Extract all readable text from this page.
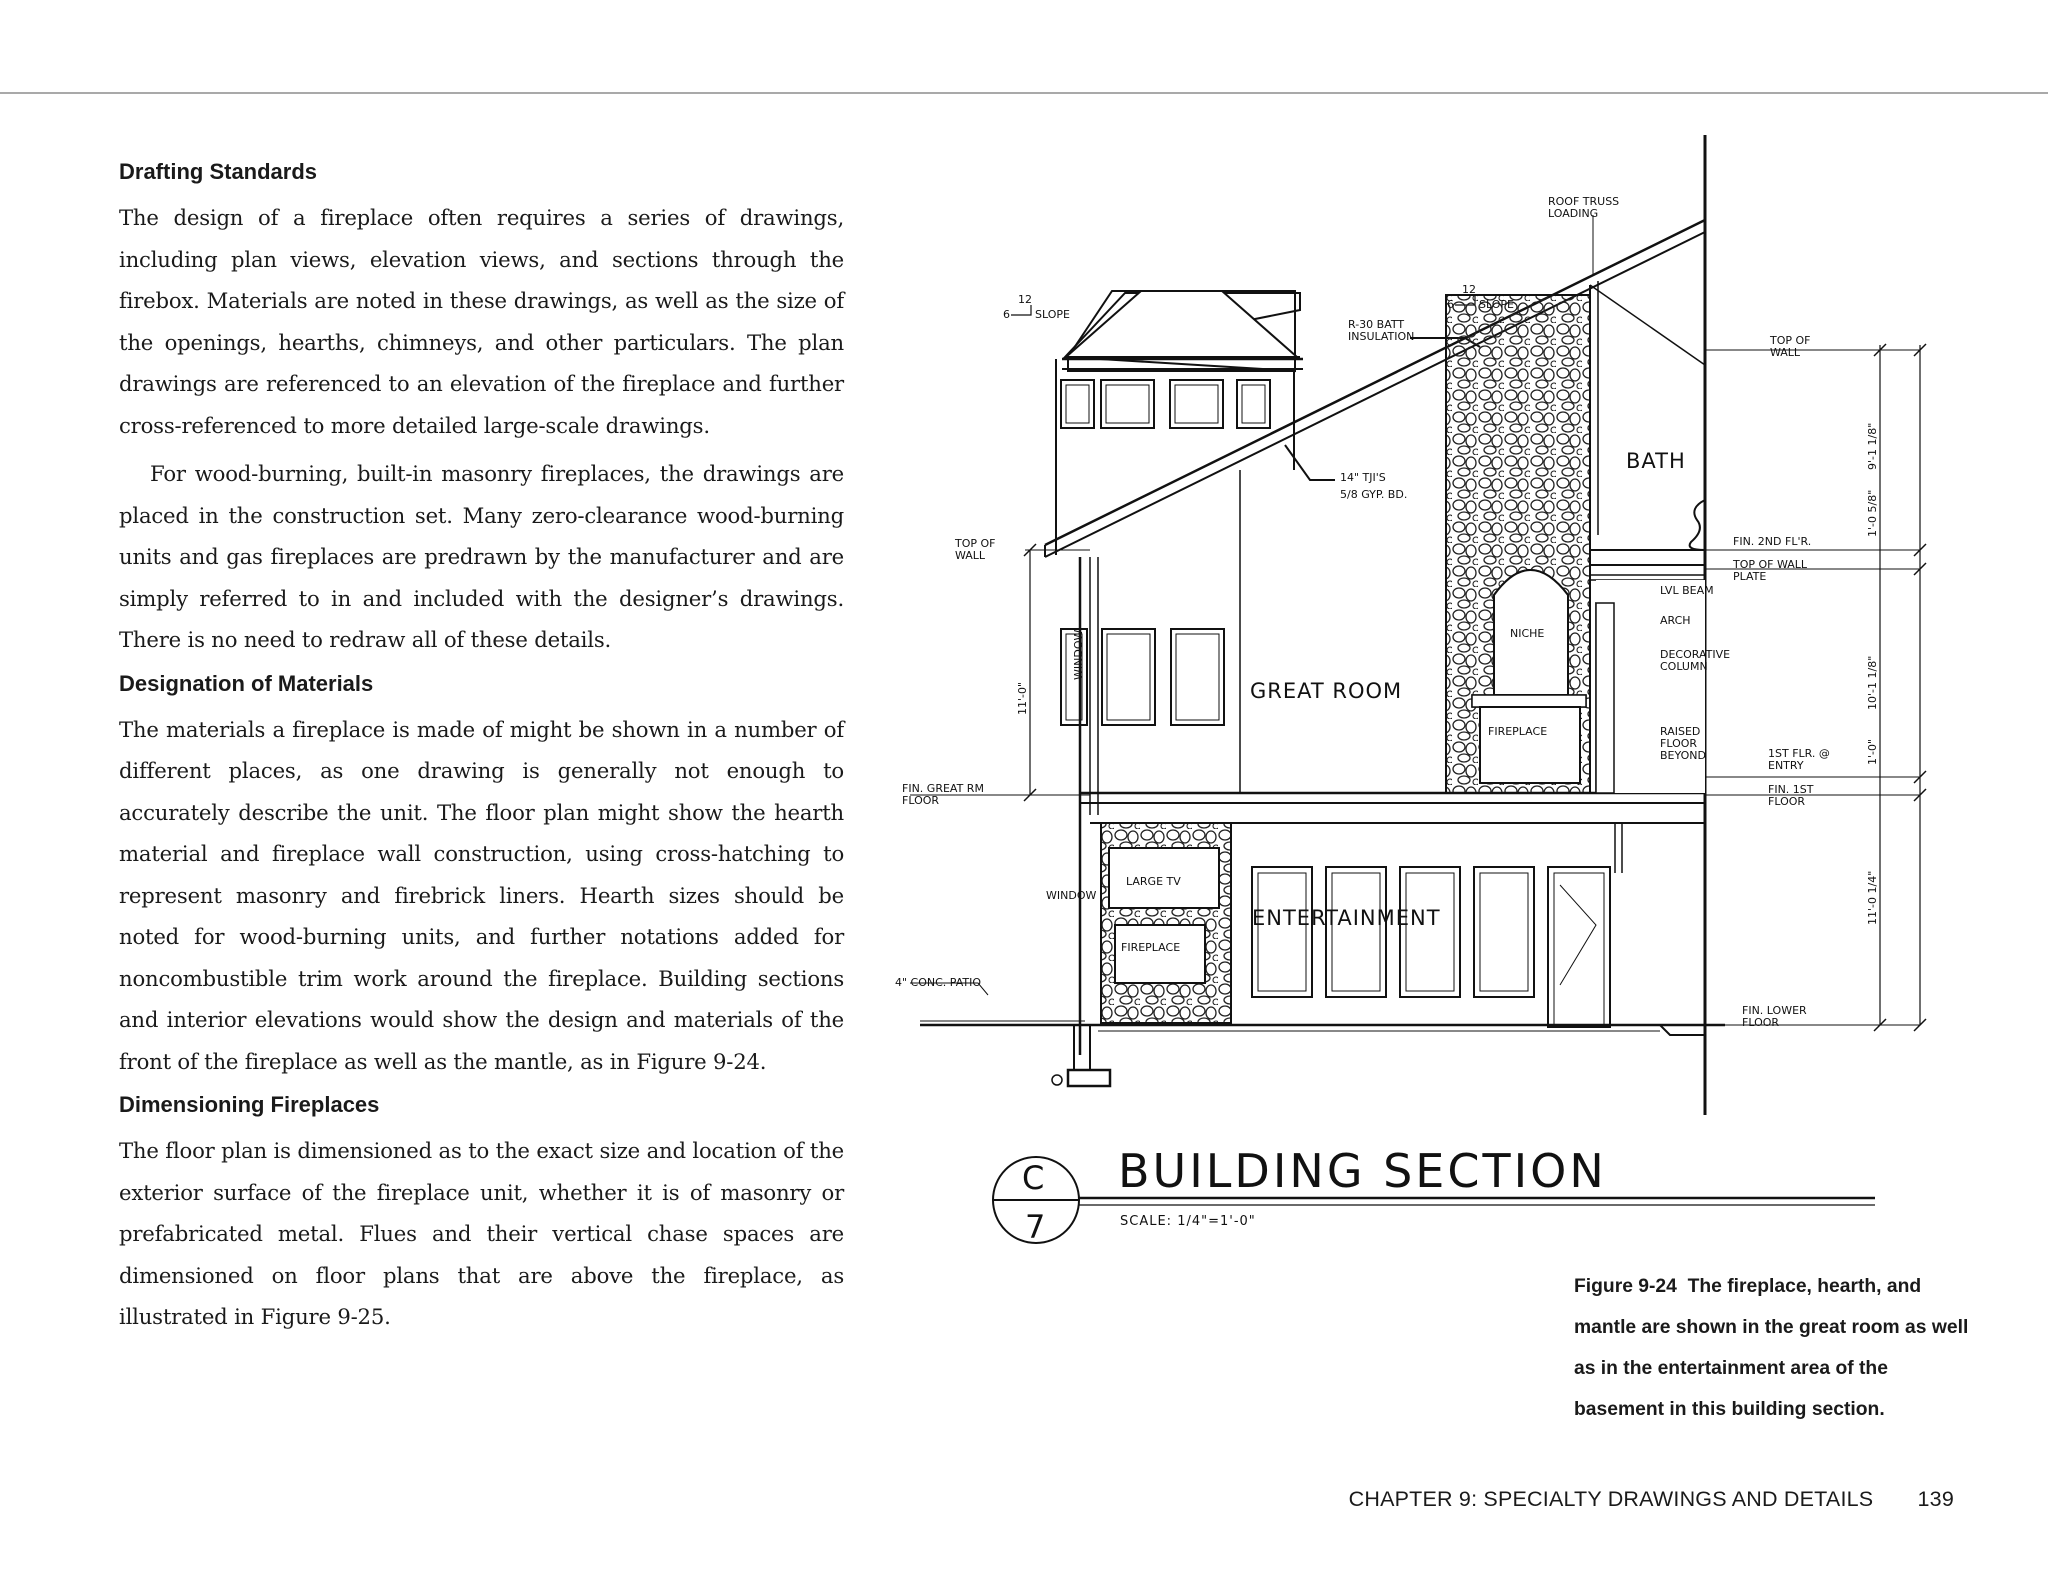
Drafting Standards

The design of a fireplace often requires a series of drawings, including plan views, elevation views, and sections through the firebox. Materials are noted in these drawings, as well as the size of the openings, hearths, chimneys, and other particulars. The plan drawings are referenced to an elevation of the fireplace and further cross-referenced to more detailed large-scale drawings.

For wood-burning, built-in masonry fireplaces, the drawings are placed in the construction set. Many zero-clearance wood-burning units and gas fireplaces are predrawn by the manufacturer and are simply referred to in and included with the designer’s drawings. There is no need to redraw all of these details.

Designation of Materials

The materials a fireplace is made of might be shown in a number of different places, as one drawing is generally not enough to accurately describe the unit. The floor plan might show the hearth material and fireplace wall construction, using cross-hatching to represent masonry and firebrick liners. Hearth sizes should be noted for wood-burning units, and further notations added for noncombustible trim work around the fireplace. Building sections and interior elevations would show the design and materials of the front of the fireplace as well as the mantle, as in Figure 9-24.

Dimensioning Fireplaces

The floor plan is dimensioned as to the exact size and location of the exterior surface of the fireplace unit, whether it is of masonry or prefabricated metal. Flues and their vertical chase spaces are dimensioned on floor plans that are above the fireplace, as illustrated in Figure 9-25.

ROOF TRUSS
LOADING
12
6 SLOPE
12
6 SLOPE
R-30 BATT
INSULATION
14" TJI'S
5/8 GYP. BD.
TOP OF
WALL
TOP OF
WALL
FIN. 2ND FL'R.
TOP OF WALL
PLATE
LVL BEAM
ARCH
DECORATIVE
COLUMN
NICHE
FIREPLACE	RAISED
FLOOR
BEYOND	1ST FLR. @
ENTRY
FIN. 1ST
FLOOR
FIN. GREAT RM
FLOOR
WINDOW
WINDOW
LARGE TV
FIREPLACE
4" CONC. PATIO
FIN. LOWER
FLOOR
11'-0"
9'-1 1/8"
1'-0 5/8"
10'-1 1/8"
1'-0"
11'-0 1/4"
GREAT ROOM
ENTERTAINMENT
BATH
C
7
BUILDING SECTION
SCALE: 1/4"=1'-0"
Figure 9-24 The fireplace, hearth, and mantle are shown in the great room as well as in the entertainment area of the basement in this building section.
CHAPTER 9: SPECIALTY DRAWINGS AND DETAILS 139
